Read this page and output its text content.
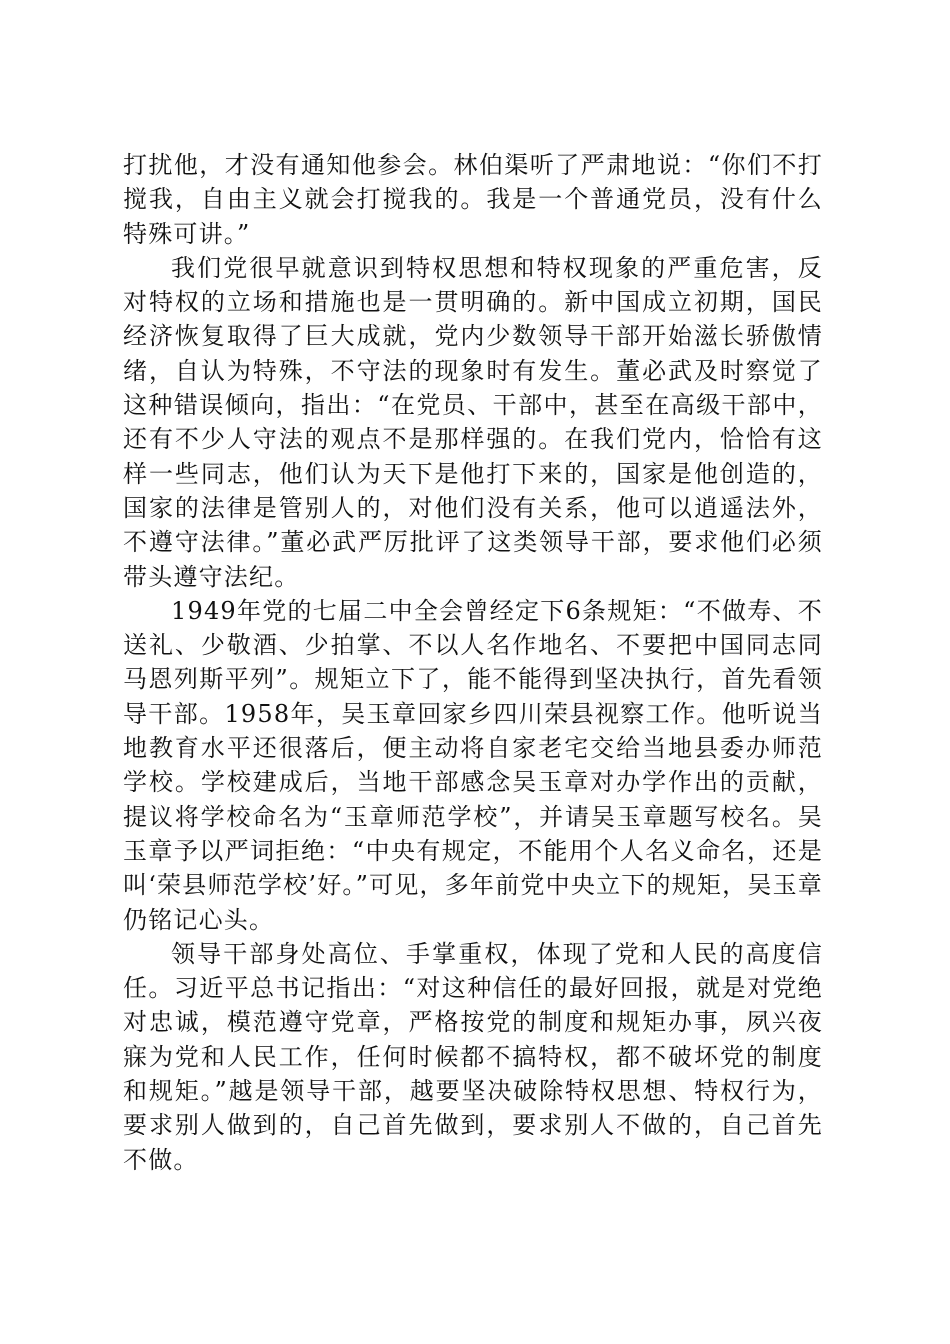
打扰他，才没有通知他参会。林伯渠听了严肃地说：“你们不打搅我，自由主义就会打搅我的。我是一个普通党员，没有什么特殊可讲。”

我们党很早就意识到特权思想和特权现象的严重危害，反对特权的立场和措施也是一贯明确的。新中国成立初期，国民经济恢复取得了巨大成就，党内少数领导干部开始滋长骄傲情绪，自认为特殊，不守法的现象时有发生。董必武及时察觉了这种错误倾向，指出：“在党员、干部中，甚至在高级干部中，还有不少人守法的观点不是那样强的。在我们党内，恰恰有这样一些同志，他们认为天下是他打下来的，国家是他创造的，国家的法律是管别人的，对他们没有关系，他可以逍遥法外，不遵守法律。”董必武严厉批评了这类领导干部，要求他们必须带头遵守法纪。

1949年党的七届二中全会曾经定下6条规矩：“不做寿、不送礼、少敬酒、少拍掌、不以人名作地名、不要把中国同志同马恩列斯平列”。规矩立下了，能不能得到坚决执行，首先看领导干部。1958年，吴玉章回家乡四川荣县视察工作。他听说当地教育水平还很落后，便主动将自家老宅交给当地县委办师范学校。学校建成后，当地干部感念吴玉章对办学作出的贡献，提议将学校命名为“玉章师范学校”，并请吴玉章题写校名。吴玉章予以严词拒绝：“中央有规定，不能用个人名义命名，还是叫‘荣县师范学校’好。”可见，多年前党中央立下的规矩，吴玉章仍铭记心头。

领导干部身处高位、手掌重权，体现了党和人民的高度信任。习近平总书记指出：“对这种信任的最好回报，就是对党绝对忠诚，模范遵守党章，严格按党的制度和规矩办事，夙兴夜寐为党和人民工作，任何时候都不搞特权，都不破坏党的制度和规矩。”越是领导干部，越要坚决破除特权思想、特权行为，要求别人做到的，自己首先做到，要求别人不做的，自己首先不做。
